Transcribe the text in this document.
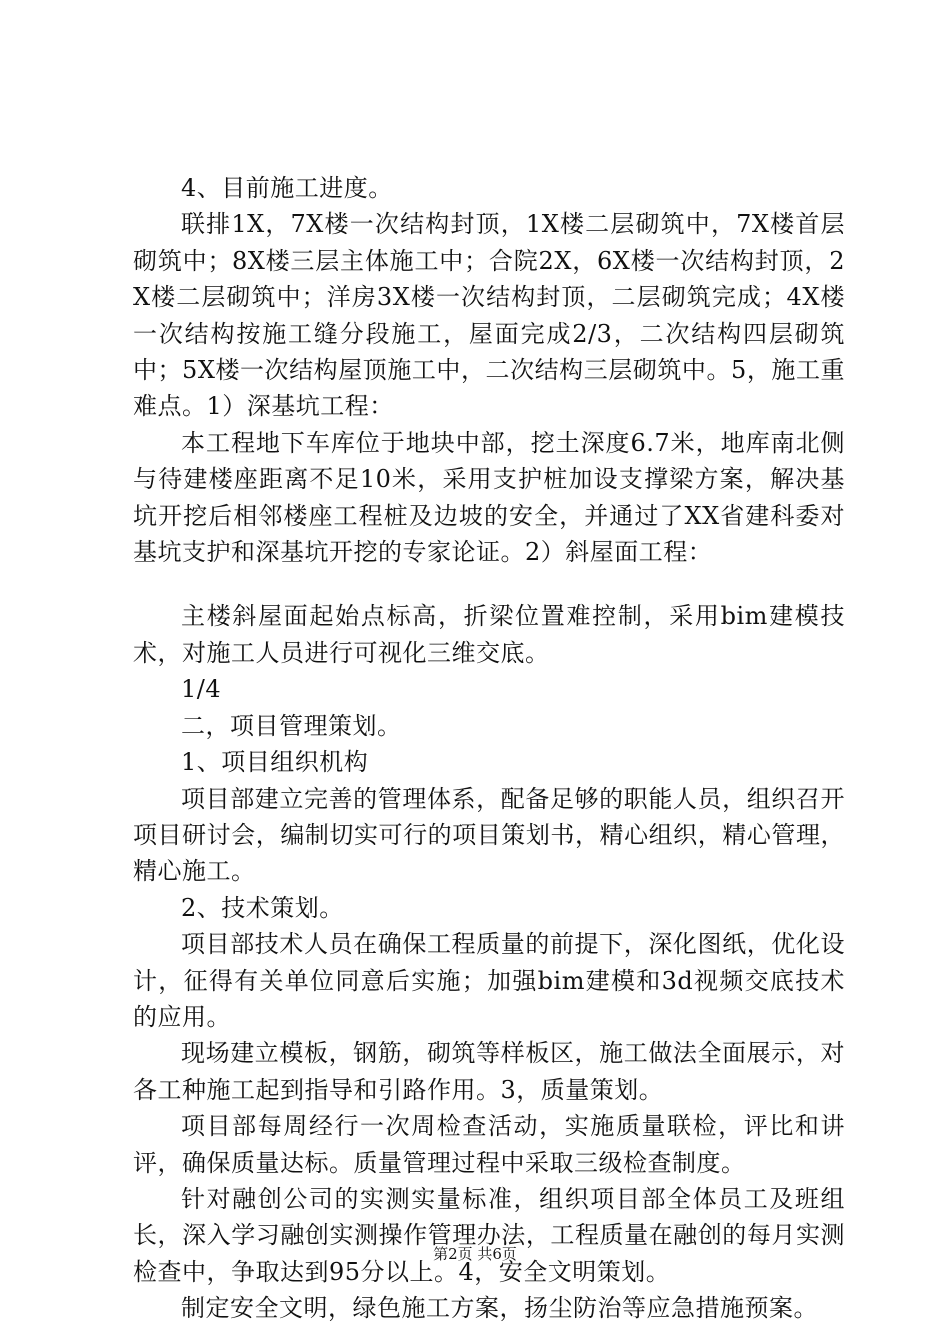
4、目前施工进度。

联排1X，7X楼一次结构封顶，1X楼二层砌筑中，7X楼首层砌筑中；8X楼三层主体施工中；合院2X，6X楼一次结构封顶，2X楼二层砌筑中；洋房3X楼一次结构封顶，二层砌筑完成；4X楼一次结构按施工缝分段施工，屋面完成2/3，二次结构四层砌筑中；5X楼一次结构屋顶施工中，二次结构三层砌筑中。5，施工重难点。1）深基坑工程：

本工程地下车库位于地块中部，挖土深度6.7米，地库南北侧与待建楼座距离不足10米，采用支护桩加设支撑梁方案，解决基坑开挖后相邻楼座工程桩及边坡的安全，并通过了XX省建科委对基坑支护和深基坑开挖的专家论证。2）斜屋面工程：

主楼斜屋面起始点标高，折梁位置难控制，采用bim建模技术，对施工人员进行可视化三维交底。

1/4

二，项目管理策划。

1、项目组织机构

项目部建立完善的管理体系，配备足够的职能人员，组织召开项目研讨会，编制切实可行的项目策划书，精心组织，精心管理，精心施工。

2、技术策划。

项目部技术人员在确保工程质量的前提下，深化图纸，优化设计，征得有关单位同意后实施；加强bim建模和3d视频交底技术的应用。

现场建立模板，钢筋，砌筑等样板区，施工做法全面展示，对各工种施工起到指导和引路作用。3，质量策划。

项目部每周经行一次周检查活动，实施质量联检，评比和讲评，确保质量达标。质量管理过程中采取三级检查制度。

针对融创公司的实测实量标准，组织项目部全体员工及班组长，深入学习融创实测操作管理办法，工程质量在融创的每月实测检查中，争取达到95分以上。4，安全文明策划。

制定安全文明，绿色施工方案，扬尘防治等应急措施预案。

第2页 共6页
